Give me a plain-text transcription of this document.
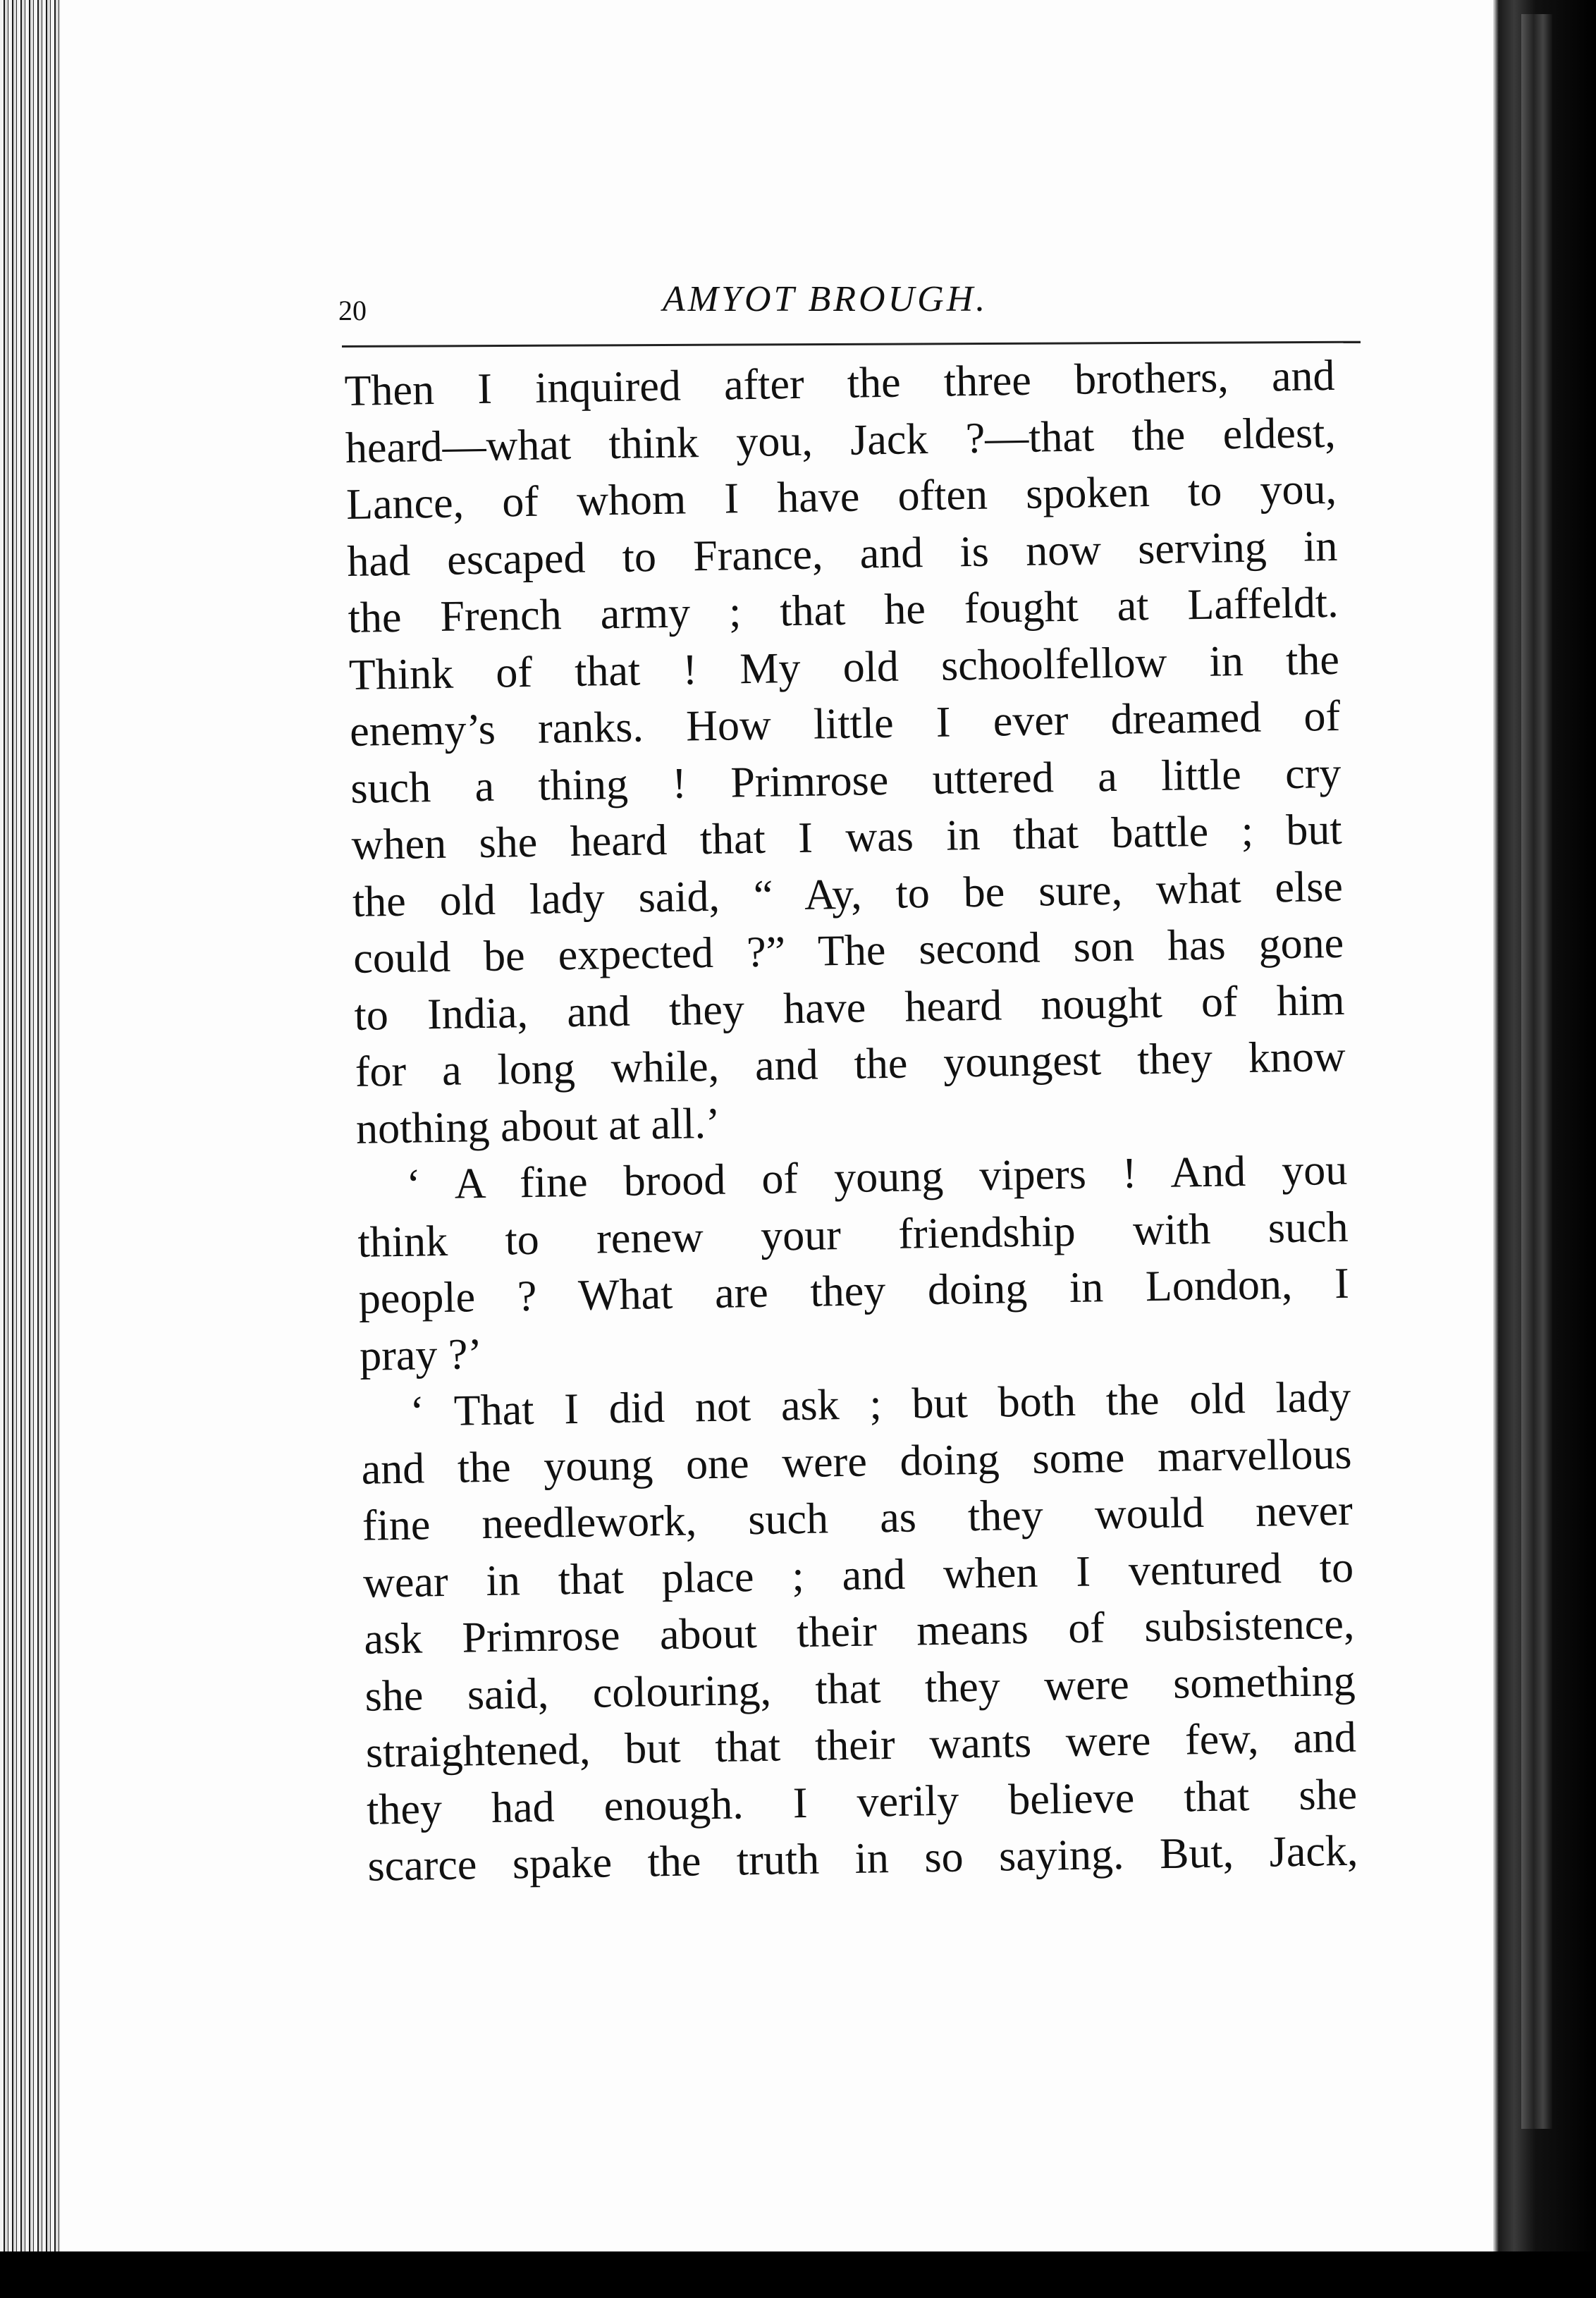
20	AMYOT BROUGH.
Then I inquired after the three brothers, and
heard—what think you, Jack ?—that the eldest,
Lance, of whom I have often spoken to you,
had escaped to France, and is now serving in
the French army ; that he fought at Laffeldt.
Think of that ! My old schoolfellow in the
enemy’s ranks. How little I ever dreamed of
such a thing ! Primrose uttered a little cry
when she heard that I was in that battle ; but
the old lady said, “ Ay, to be sure, what else
could be expected ?” The second son has gone
to India, and they have heard nought of him
for a long while, and the youngest they know
nothing about at all.’
‘ A fine brood of young vipers ! And you
think to renew your friendship with such
people ? What are they doing in London, I
pray ?’
‘ That I did not ask ; but both the old lady
and the young one were doing some marvellous
fine needlework, such as they would never
wear in that place ; and when I ventured to
ask Primrose about their means of subsistence,
she said, colouring, that they were something
straightened, but that their wants were few, and
they had enough. I verily believe that she
scarce spake the truth in so saying. But, Jack,
